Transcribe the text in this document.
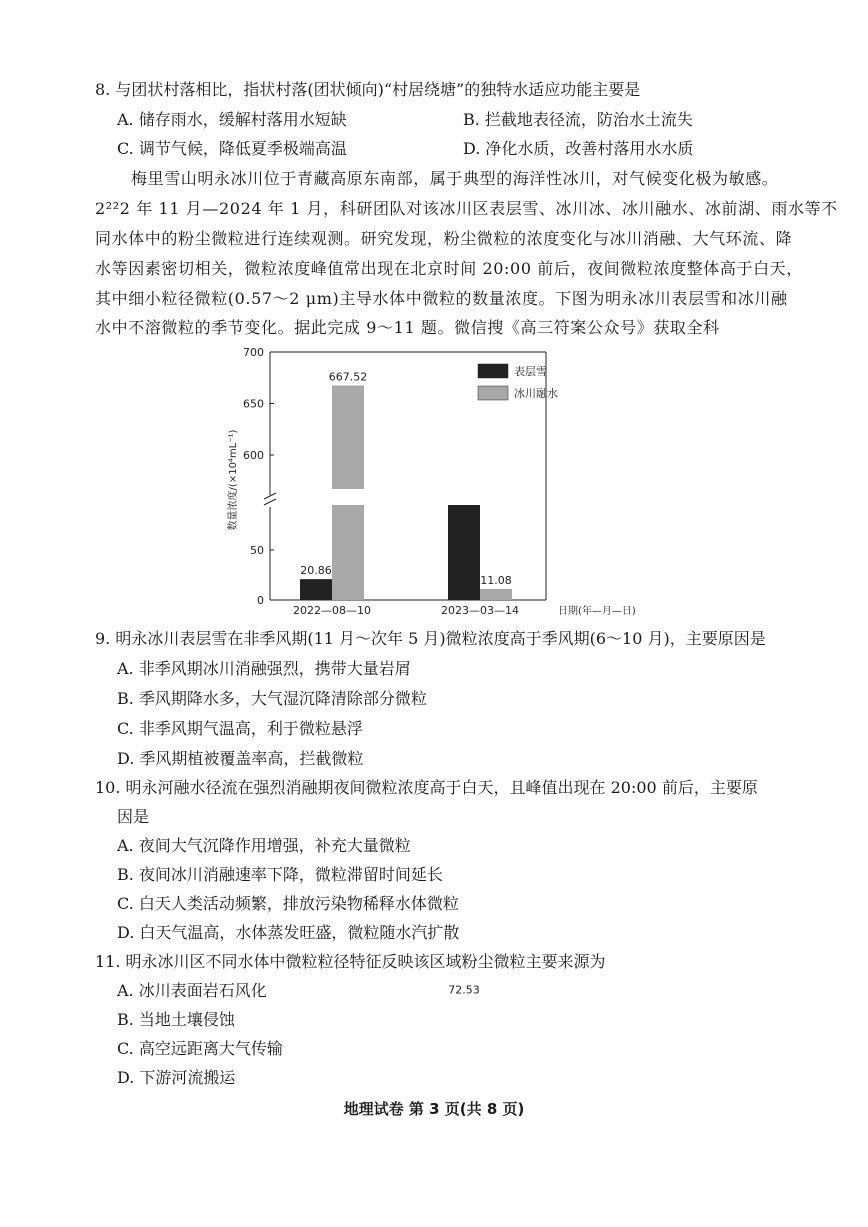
8. 与团状村落相比，指状村落(团状倾向)“村居绕塘”的独特水适应功能主要是
A. 储存雨水，缓解村落用水短缺	B. 拦截地表径流，防治水土流失
C. 调节气候，降低夏季极端高温	D. 净化水质，改善村落用水水质
梅里雪山明永冰川位于青藏高原东南部，属于典型的海洋性冰川，对气候变化极为敏感。
2²²2 年 11 月—2024 年 1 月，科研团队对该冰川区表层雪、冰川冰、冰川融水、冰前湖、雨水等不
同水体中的粉尘微粒进行连续观测。研究发现，粉尘微粒的浓度变化与冰川消融、大气环流、降
水等因素密切相关，微粒浓度峰值常出现在北京时间 20:00 前后，夜间微粒浓度整体高于白天，
其中细小粒径微粒(0.57～2 μm)主导水体中微粒的数量浓度。下图为明永冰川表层雪和冰川融
水中不溶微粒的季节变化。据此完成 9～11 题。微信搜《高三符案公众号》获取全科
0
50
600
650
700
数量浓度/(×10⁴mL⁻¹)
20.86
72.53
667.52
11.08
2022—08—10	2023—03—14	日期(年—月—日)
表层雪
冰川融水
9. 明永冰川表层雪在非季风期(11 月～次年 5 月)微粒浓度高于季风期(6～10 月)，主要原因是
A. 非季风期冰川消融强烈，携带大量岩屑
B. 季风期降水多，大气湿沉降清除部分微粒
C. 非季风期气温高，利于微粒悬浮
D. 季风期植被覆盖率高，拦截微粒
10. 明永河融水径流在强烈消融期夜间微粒浓度高于白天，且峰值出现在 20:00 前后，主要原
因是
A. 夜间大气沉降作用增强，补充大量微粒
B. 夜间冰川消融速率下降，微粒滞留时间延长
C. 白天人类活动频繁，排放污染物稀释水体微粒
D. 白天气温高，水体蒸发旺盛，微粒随水汽扩散
11. 明永冰川区不同水体中微粒粒径特征反映该区域粉尘微粒主要来源为
A. 冰川表面岩石风化
B. 当地土壤侵蚀
C. 高空远距离大气传输
D. 下游河流搬运
地理试卷 第 3 页(共 8 页)
